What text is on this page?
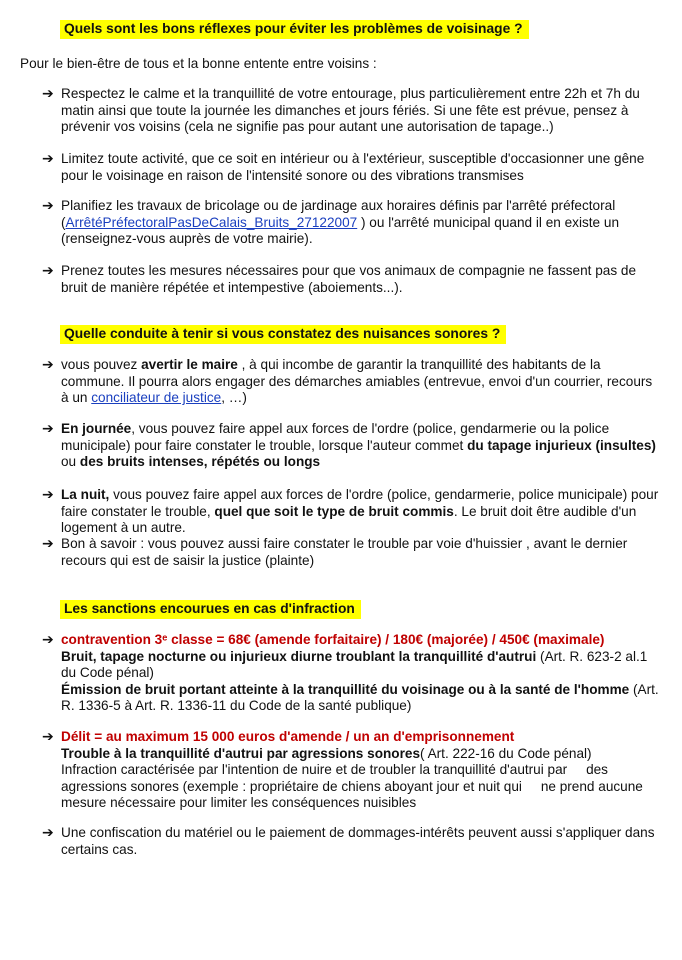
Quels sont les bons réflexes pour éviter les problèmes de voisinage ?
Pour le bien-être de tous et la bonne entente entre voisins :
➔ Respectez le calme et la tranquillité de votre entourage, plus particulièrement entre 22h et 7h du matin ainsi que toute la journée les dimanches et jours fériés. Si une fête est prévue, pensez à prévenir vos voisins (cela ne signifie pas pour autant une autorisation de tapage..)
➔ Limitez toute activité, que ce soit en intérieur ou à l'extérieur, susceptible d'occasionner une gêne pour le voisinage en raison de l'intensité sonore ou des vibrations transmises
➔ Planifiez les travaux de bricolage ou de jardinage aux horaires définis par l'arrêté préfectoral (ArrêtéPréfectoralPasDeCalais_Bruits_27122007 ) ou l'arrêté municipal quand il en existe un (renseignez-vous auprès de votre mairie).
➔ Prenez toutes les mesures nécessaires pour que vos animaux de compagnie ne fassent pas de bruit de manière répétée et intempestive (aboiements...).
Quelle conduite à tenir si vous constatez des nuisances sonores ?
➔ vous pouvez avertir le maire , à qui incombe de garantir la tranquillité des habitants de la commune. Il pourra alors engager des démarches amiables (entrevue, envoi d'un courrier, recours à un conciliateur de justice, …)
➔ En journée, vous pouvez faire appel aux forces de l'ordre (police, gendarmerie ou la police municipale) pour faire constater le trouble, lorsque l'auteur commet du tapage injurieux (insultes) ou des bruits intenses, répétés ou longs
➔ La nuit, vous pouvez faire appel aux forces de l'ordre (police, gendarmerie, police municipale) pour faire constater le trouble, quel que soit le type de bruit commis. Le bruit doit être audible d'un logement à un autre.
➔ Bon à savoir : vous pouvez aussi faire constater le trouble par voie d'huissier , avant le dernier recours qui est de saisir la justice (plainte)
Les sanctions encourues en cas d'infraction
➔ contravention 3ᵉ classe = 68€ (amende forfaitaire) / 180€ (majorée) / 450€ (maximale)
Bruit, tapage nocturne ou injurieux diurne troublant la tranquillité d'autrui (Art. R. 623-2 al.1 du Code pénal)
Émission de bruit portant atteinte à la tranquillité du voisinage ou à la santé de l'homme (Art. R. 1336-5 à Art. R. 1336-11 du Code de la santé publique)
➔ Délit = au maximum 15 000 euros d'amende / un an d'emprisonnement
Trouble à la tranquillité d'autrui par agressions sonores( Art. 222-16 du Code pénal)
Infraction caractérisée par l'intention de nuire et de troubler la tranquillité d'autrui par     des agressions sonores (exemple : propriétaire de chiens aboyant jour et nuit qui     ne prend aucune mesure nécessaire pour limiter les conséquences nuisibles
➔ Une confiscation du matériel ou le paiement de dommages-intérêts peuvent aussi s'appliquer dans certains cas.
